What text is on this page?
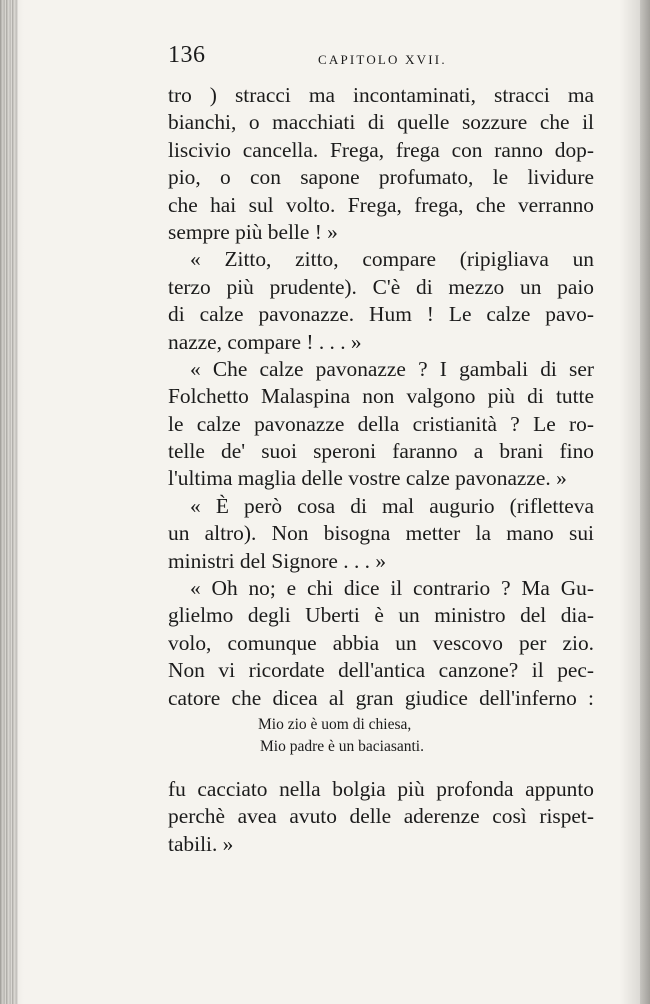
136	CAPITOLO XVII.
tro ) stracci ma incontaminati, stracci ma
bianchi, o macchiati di quelle sozzure che il
liscivio cancella. Frega, frega con ranno dop-
pio, o con sapone profumato, le lividure
che hai sul volto. Frega, frega, che verranno
sempre più belle ! »
« Zitto, zitto, compare (ripigliava un
terzo più prudente). C'è di mezzo un paio
di calze pavonazze. Hum ! Le calze pavo-
nazze, compare ! . . . »
« Che calze pavonazze ? I gambali di ser
Folchetto Malaspina non valgono più di tutte
le calze pavonazze della cristianità ? Le ro-
telle de' suoi speroni faranno a brani fino
l'ultima maglia delle vostre calze pavonazze. »
« È però cosa di mal augurio (rifletteva
un altro). Non bisogna metter la mano sui
ministri del Signore . . . »
« Oh no; e chi dice il contrario ? Ma Gu-
glielmo degli Uberti è un ministro del dia-
volo, comunque abbia un vescovo per zio.
Non vi ricordate dell'antica canzone? il pec-
catore che dicea al gran giudice dell'inferno :
Mio zio è uom di chiesa,
Mio padre è un baciasanti.
fu cacciato nella bolgia più profonda appunto
perchè avea avuto delle aderenze così rispet-
tabili. »
